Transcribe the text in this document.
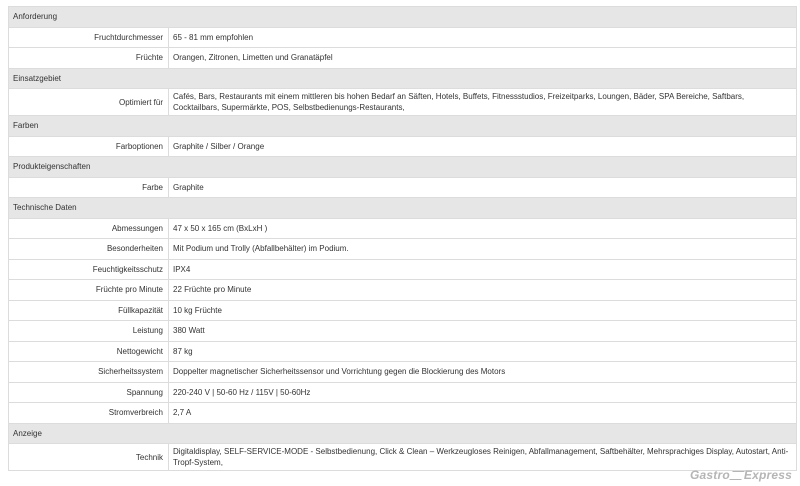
Anforderung	
Fruchtdurchmesser	65 - 81 mm empfohlen
Früchte	Orangen, Zitronen, Limetten und Granatäpfel
Einsatzgebiet	
Optimiert für	Cafés, Bars, Restaurants mit einem mittleren bis hohen Bedarf an Säften, Hotels, Buffets, Fitnessstudios, Freizeitparks, Loungen, Bäder, SPA Bereiche, Saftbars, Cocktailbars, Supermärkte, POS, Selbstbedienungs-Restaurants,
Farben	
Farboptionen	Graphite / Silber / Orange
Produkteigenschaften	
Farbe	Graphite
Technische Daten	
Abmessungen	47 x 50 x 165 cm (BxLxH )
Besonderheiten	Mit Podium und Trolly (Abfallbehälter) im Podium.
Feuchtigkeitsschutz	IPX4
Früchte pro Minute	22 Früchte pro Minute
Füllkapazität	10 kg Früchte
Leistung	380 Watt
Nettogewicht	87 kg
Sicherheitssystem	Doppelter magnetischer Sicherheitssensor und Vorrichtung gegen die Blockierung des Motors
Spannung	220-240 V | 50-60 Hz / 115V | 50-60Hz
Stromverbreich	2,7 A
Anzeige	
Technik	Digitaldisplay, SELF-SERVICE-MODE - Selbstbedienung, Click & Clean – Werkzeugloses Reinigen, Abfallmanagement, Saftbehälter, Mehrsprachiges Display, Autostart, Anti-Tropf-System,
Gastro Express
